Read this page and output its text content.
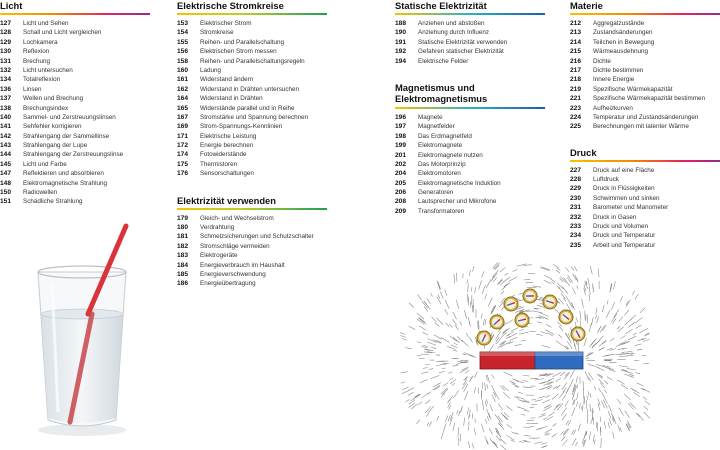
Licht
127	Licht und Sehen
128	Schall und Licht vergleichen
129	Lochkamera
130	Reflexion
131	Brechung
132	Licht untersuchen
134	Totalreflexion
136	Linsen
137	Wellen und Brechung
138	Brechungsindex
140	Sammel- und Zerstreuungslinsen
141	Sehfehler korrigieren
142	Strahlengang der Sammellinse
143	Strahlengang der Lupe
144	Strahlengang der Zerstreuungslinse
145	Licht und Farbe
147	Reflektieren und absorbieren
148	Elektromagnetische Strahlung
150	Radiowellen
151	Schädliche Strahlung
Elektrische Stromkreise
153	Elektrischer Strom
154	Stromkreise
155	Reihen- und Parallelschaltung
156	Elektrischen Strom messen
158	Reihen- und Parallelschaltungsregeln
160	Ladung
161	Widerstand ändern
162	Widerstand in Drähten untersuchen
164	Widerstand in Drähten
165	Widerstände parallel und in Reihe
167	Stromstärke und Spannung berechnen
169	Strom-Spannungs-Kennlinien
171	Elektrische Leistung
172	Energie berechnen
174	Fotowiderstände
175	Thermistoren
176	Sensorschaltungen
Elektrizität verwenden
179	Gleich- und Wechselstrom
180	Verdrahtung
181	Schmelzsicherungen und Schutzschalter
182	Stromschläge vermeiden
183	Elektrogeräte
184	Energieverbrauch im Haushalt
185	Energieverschwendung
186	Energieübertragung
Statische Elektrizität
188	Anziehen und abstoßen
190	Anziehung durch Influenz
191	Statische Elektrizität verwenden
192	Gefahren statischer Elektrizität
194	Elektrische Felder
Magnetismus und
Elektromagnetismus
196	Magnete
197	Magnetfelder
198	Das Erdmagnetfeld
199	Elektromagnete
201	Elektromagnete nutzen
202	Das Motorprinzip
204	Elektromotoren
205	Elektromagnetische Induktion
206	Generatoren
208	Lautsprecher und Mikrofone
209	Transformatoren
Materie
212	Aggregatzustände
213	Zustandsänderungen
214	Teilchen in Bewegung
215	Wärmeausdehnung
216	Dichte
217	Dichte bestimmen
218	Innere Energie
219	Spezifische Wärmekapazität
221	Spezifische Wärmekapazität bestimmen
223	Aufheizkurven
224	Temperatur und Zustandsänderungen
225	Berechnungen mit latenter Wärme
Druck
227	Druck auf eine Fläche
228	Luftdruck
229	Druck in Flüssigkeiten
230	Schwimmen und sinken
231	Barometer und Manometer
232	Druck in Gasen
233	Druck und Volumen
234	Druck und Temperatur
235	Arbeit und Temperatur
